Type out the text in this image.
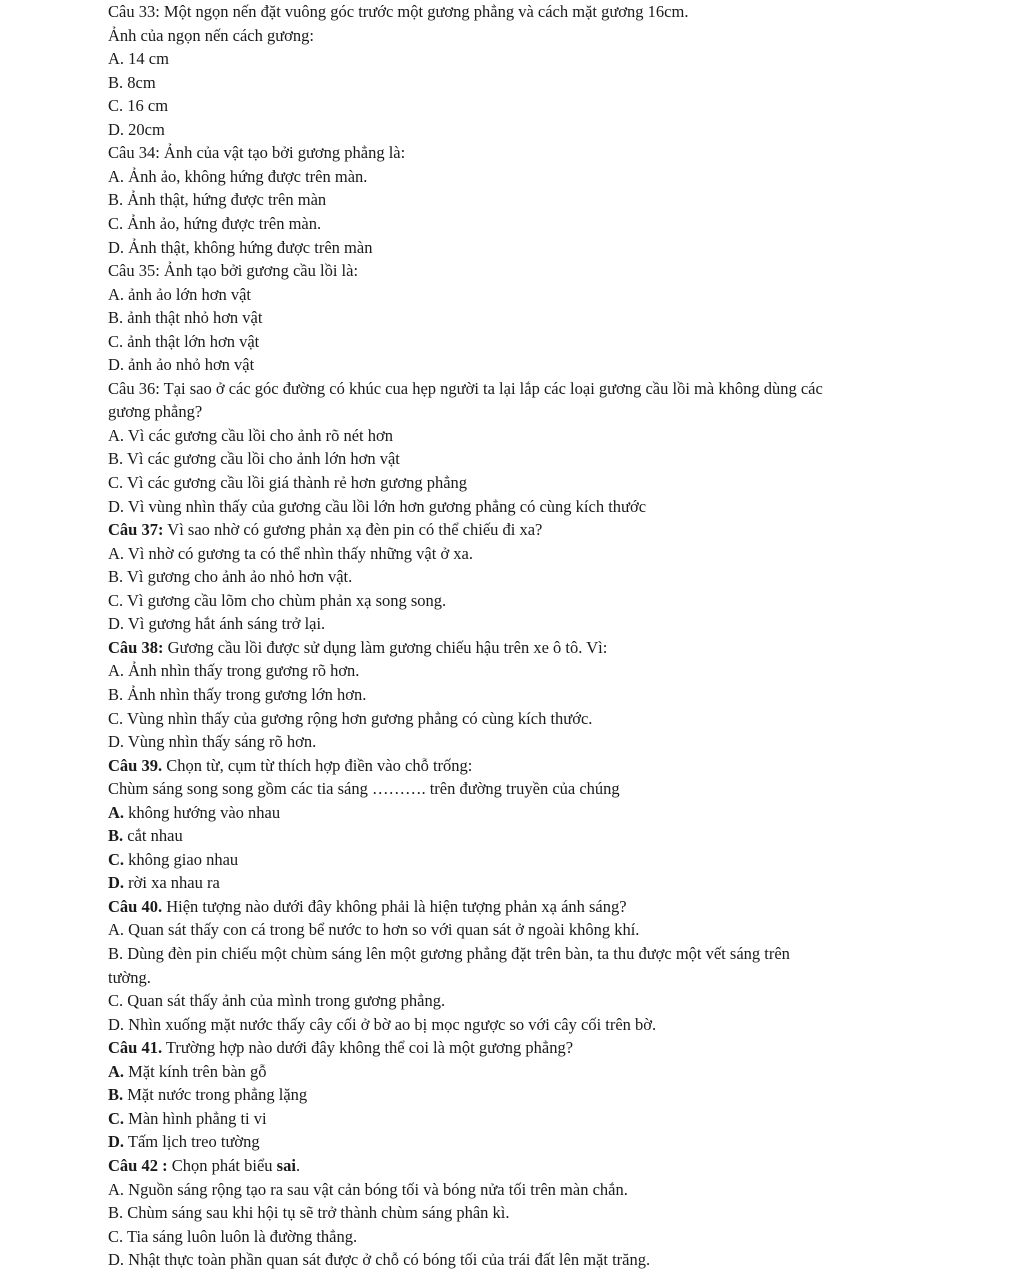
Câu 33: Một ngọn nến đặt vuông góc trước một gương phẳng và cách mặt gương 16cm.
Ảnh của ngọn nến cách gương:
A. 14 cm
B. 8cm
C. 16 cm
D. 20cm
Câu 34: Ảnh của vật tạo bởi gương phẳng là:
A. Ảnh ảo, không hứng được trên màn.
B. Ảnh thật, hứng được trên màn
C. Ảnh ảo, hứng được trên màn.
D. Ảnh thật, không hứng được trên màn
Câu 35: Ảnh tạo bởi gương cầu lồi là:
A. ảnh ảo lớn hơn vật
B. ảnh thật nhỏ hơn vật
C. ảnh thật lớn hơn vật
D. ảnh ảo nhỏ hơn vật
Câu 36: Tại sao ở các góc đường có khúc cua hẹp người ta lại lắp các loại gương cầu lồi mà không dùng các
gương phẳng?
A. Vì các gương cầu lồi cho ảnh rõ nét hơn
B. Vì các gương cầu lồi cho ảnh lớn hơn vật
C. Vì các gương cầu lồi giá thành rẻ hơn gương phẳng
D. Vì vùng nhìn thấy của gương cầu lồi lớn hơn gương phẳng có cùng kích thước
Câu 37: Vì sao nhờ có gương phản xạ đèn pin có thể chiếu đi xa?
A. Vì nhờ có gương ta có thể nhìn thấy những vật ở xa.
B. Vì gương cho ảnh ảo nhỏ hơn vật.
C. Vì gương cầu lõm cho chùm phản xạ song song.
D. Vì gương hắt ánh sáng trở lại.
Câu 38: Gương cầu lồi được sử dụng làm gương chiếu hậu trên xe ô tô. Vì:
A. Ảnh nhìn thấy trong gương rõ hơn.
B. Ảnh nhìn thấy trong gương lớn hơn.
C. Vùng nhìn thấy của gương rộng hơn gương phẳng có cùng kích thước.
D. Vùng nhìn thấy sáng rõ hơn.
Câu 39. Chọn từ, cụm từ thích hợp điền vào chỗ trống:
Chùm sáng song song gồm các tia sáng ………. trên đường truyền của chúng
A. không hướng vào nhau
B. cắt nhau
C. không giao nhau
D. rời xa nhau ra
Câu 40. Hiện tượng nào dưới đây không phải là hiện tượng phản xạ ánh sáng?
A. Quan sát thấy con cá trong bể nước to hơn so với quan sát ở ngoài không khí.
B. Dùng đèn pin chiếu một chùm sáng lên một gương phẳng đặt trên bàn, ta thu được một vết sáng trên
tường.
C. Quan sát thấy ảnh của mình trong gương phẳng.
D. Nhìn xuống mặt nước thấy cây cối ở bờ ao bị mọc ngược so với cây cối trên bờ.
Câu 41. Trường hợp nào dưới đây không thể coi là một gương phẳng?
A. Mặt kính trên bàn gỗ
B. Mặt nước trong phẳng lặng
C. Màn hình phẳng ti vi
D. Tấm lịch treo tường
Câu 42 : Chọn phát biểu sai.
A. Nguồn sáng rộng tạo ra sau vật cản bóng tối và bóng nửa tối trên màn chắn.
B. Chùm sáng sau khi hội tụ sẽ trở thành chùm sáng phân kì.
C. Tia sáng luôn luôn là đường thẳng.
D. Nhật thực toàn phần quan sát được ở chỗ có bóng tối của trái đất lên mặt trăng.
